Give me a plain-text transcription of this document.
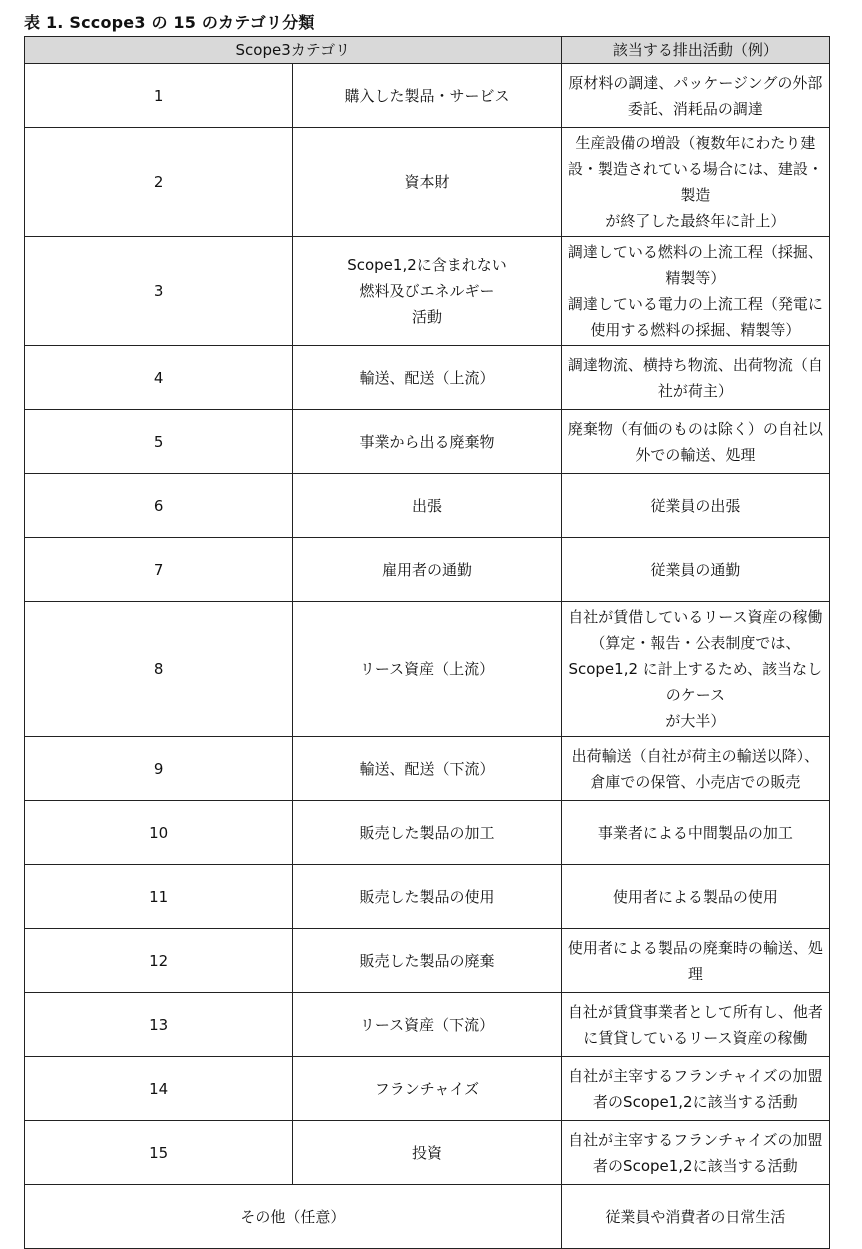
表 1. Sccope3 の 15 のカテゴリ分類
Scope3カテゴリ		該当する排出活動（例）
1	購入した製品・サービス	原材料の調達、パッケージングの外部委託、消耗品の調達

2	資本財	生産設備の増設（複数年にわたり建設・製造されている場合には、建設・製造
が終了した最終年に計上）

3	Scope1,2に含まれない
燃料及びエネルギー
活動	調達している燃料の上流工程（採掘、精製等）
調達している電力の上流工程（発電に使用する燃料の採掘、精製等）

4	輸送、配送（上流）	調達物流、横持ち物流、出荷物流（自社が荷主）

5	事業から出る廃棄物	廃棄物（有価のものは除く）の自社以外での輸送、処理

6	出張	従業員の出張

7	雇用者の通勤	従業員の通勤

8	リース資産（上流）	自社が賃借しているリース資産の稼働
（算定・報告・公表制度では、Scope1,2 に計上するため、該当なしのケース
が大半）

9	輸送、配送（下流）	出荷輸送（自社が荷主の輸送以降）、倉庫での保管、小売店での販売

10	販売した製品の加工	事業者による中間製品の加工

11	販売した製品の使用	使用者による製品の使用

12	販売した製品の廃棄	使用者による製品の廃棄時の輸送、処理

13	リース資産（下流）	自社が賃貸事業者として所有し、他者に賃貸しているリース資産の稼働

14	フランチャイズ	自社が主宰するフランチャイズの加盟者のScope1,2に該当する活動

15	投資	自社が主宰するフランチャイズの加盟者のScope1,2に該当する活動

その他（任意）		従業員や消費者の日常生活
